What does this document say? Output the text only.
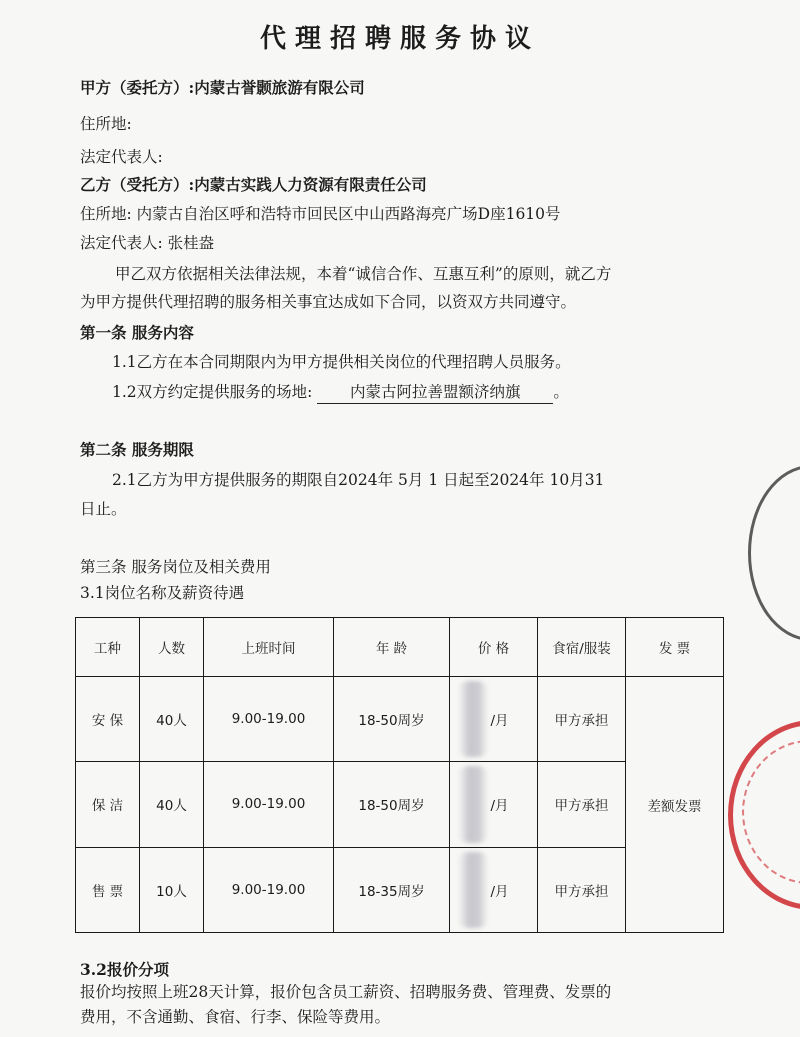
代理招聘服务协议
甲方（委托方）:内蒙古誉颢旅游有限公司
住所地:
法定代表人:
乙方（受托方）:内蒙古实践人力资源有限责任公司
住所地: 内蒙古自治区呼和浩特市回民区中山西路海亮广场D座1610号
法定代表人: 张桂盎
甲乙双方依据相关法律法规，本着“诚信合作、互惠互利”的原则，就乙方
为甲方提供代理招聘的服务相关事宜达成如下合同，以资双方共同遵守。
第一条 服务内容
1.1乙方在本合同期限内为甲方提供相关岗位的代理招聘人员服务。
1.2双方约定提供服务的场地: 内蒙古阿拉善盟额济纳旗 。
第二条 服务期限
2.1乙方为甲方提供服务的期限自2024年 5月 1 日起至2024年 10月31
日止。
第三条 服务岗位及相关费用
3.1岗位名称及薪资待遇
工种	人数	上班时间	年 龄	价 格	食宿/服装	发 票
安 保	40人	9.00-19.00	18-50周岁	/月	甲方承担	差额发票
保 洁	40人	9.00-19.00	18-50周岁	/月	甲方承担	
售 票	10人	9.00-19.00	18-35周岁	/月	甲方承担	
3.2报价分项
报价均按照上班28天计算，报价包含员工薪资、招聘服务费、管理费、发票的
费用，不含通勤、食宿、行李、保险等费用。
